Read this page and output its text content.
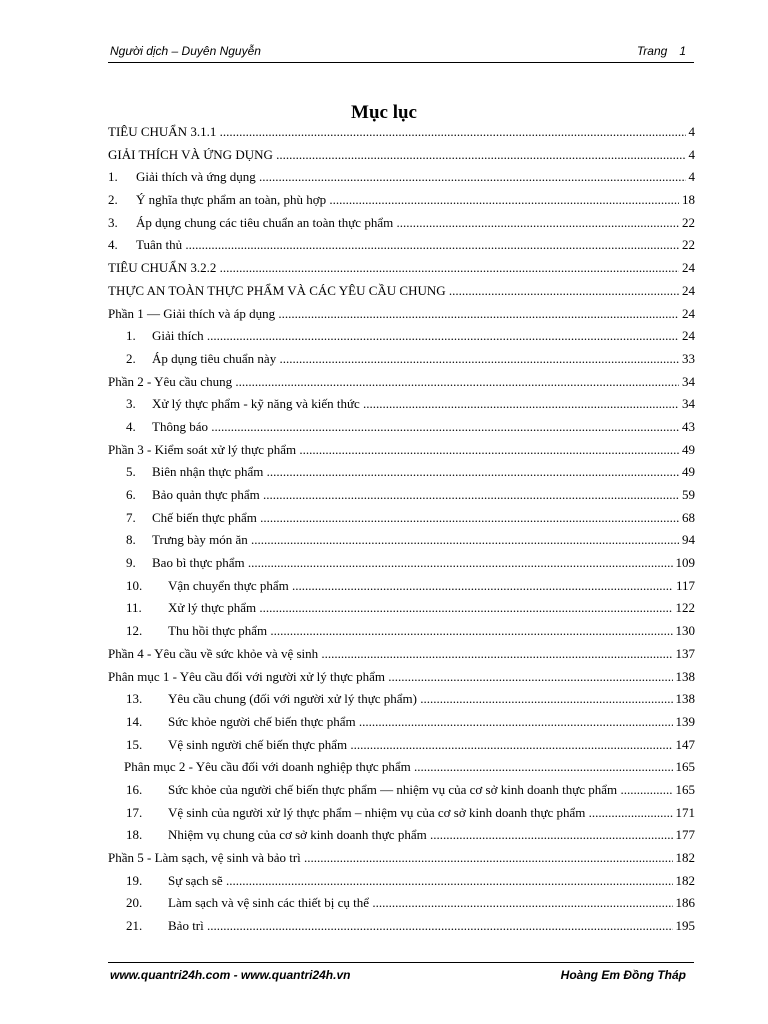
Người dịch – Duyên Nguyễn	Trang 1
Mục lục
TIÊU CHUẨN 3.1.1 .....	4
GIẢI THÍCH VÀ ỨNG DỤNG .....	4
1. Giải thích và ứng dụng .....	4
2. Ý nghĩa thực phẩm an toàn, phù hợp .....	18
3. Áp dụng chung các tiêu chuẩn an toàn thực phẩm .....	22
4. Tuân thủ .....	22
TIÊU CHUẨN 3.2.2 .....	24
THỰC AN TOÀN THỰC PHẨM VÀ CÁC YÊU CẦU CHUNG .....	24
Phần 1 — Giải thích và áp dụng .....	24
1. Giải thích .....	24
2. Áp dụng tiêu chuẩn này .....	33
Phần 2 - Yêu cầu chung .....	34
3. Xử lý thực phẩm - kỹ năng và kiến thức .....	34
4. Thông báo .....	43
Phần 3 - Kiểm soát xử lý thực phẩm .....	49
5. Biên nhận thực phẩm .....	49
6. Bảo quản thực phẩm .....	59
7. Chế biến thực phẩm .....	68
8. Trưng bày món ăn .....	94
9. Bao bì thực phẩm .....	109
10. Vận chuyển thực phẩm .....	117
11. Xử lý thực phẩm .....	122
12. Thu hồi thực phẩm .....	130
Phần 4 - Yêu cầu về sức khỏe và vệ sinh .....	137
Phân mục 1 - Yêu cầu đối với người xử lý thực phẩm .....	138
13. Yêu cầu chung (đối với người xử lý thực phẩm) .....	138
14. Sức khỏe người chế biến thực phẩm .....	139
15. Vệ sinh người chế biến thực phẩm .....	147
Phân mục 2 - Yêu cầu đối với doanh nghiệp thực phẩm .....	165
16. Sức khỏe của người chế biến thực phẩm — nhiệm vụ của cơ sở kinh doanh thực phẩm .....	165
17. Vệ sinh của người xử lý thực phẩm – nhiệm vụ của cơ sở kinh doanh thực phẩm .....	171
18. Nhiệm vụ chung của cơ sở kinh doanh thực phẩm .....	177
Phần 5 - Làm sạch, vệ sinh và bảo trì .....	182
19. Sự sạch sẽ .....	182
20. Làm sạch và vệ sinh các thiết bị cụ thể .....	186
21. Bảo trì .....	195
www.quantri24h.com - www.quantri24h.vn	Hoàng Em Đồng Tháp
